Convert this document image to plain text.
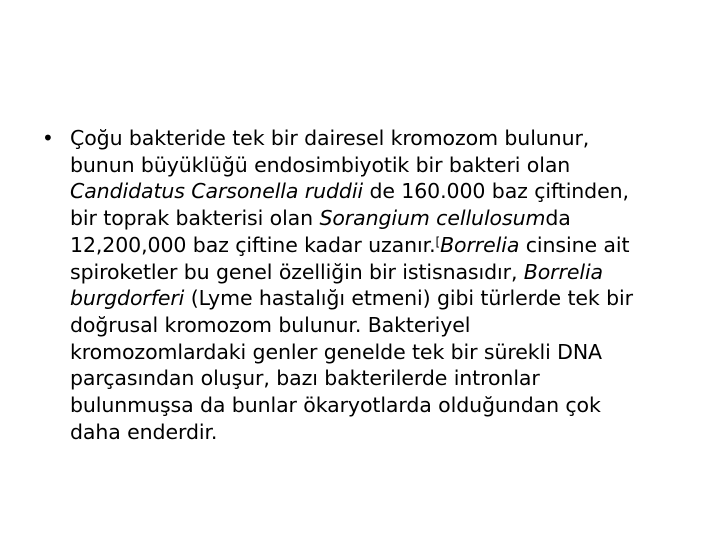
• Çoğu bakteride tek bir dairesel kromozom bulunur,
bunun büyüklüğü endosimbiyotik bir bakteri olan
Candidatus Carsonella ruddii de 160.000 baz çiftinden,
bir toprak bakterisi olan Sorangium cellulosumda
12,200,000 baz çiftine kadar uzanır.[Borrelia cinsine ait
spiroketler bu genel özelliğin bir istisnasıdır, Borrelia
burgdorferi (Lyme hastalığı etmeni) gibi türlerde tek bir
doğrusal kromozom bulunur. Bakteriyel
kromozomlardaki genler genelde tek bir sürekli DNA
parçasından oluşur, bazı bakterilerde intronlar
bulunmuşsa da bunlar ökaryotlarda olduğundan çok
daha enderdir.
